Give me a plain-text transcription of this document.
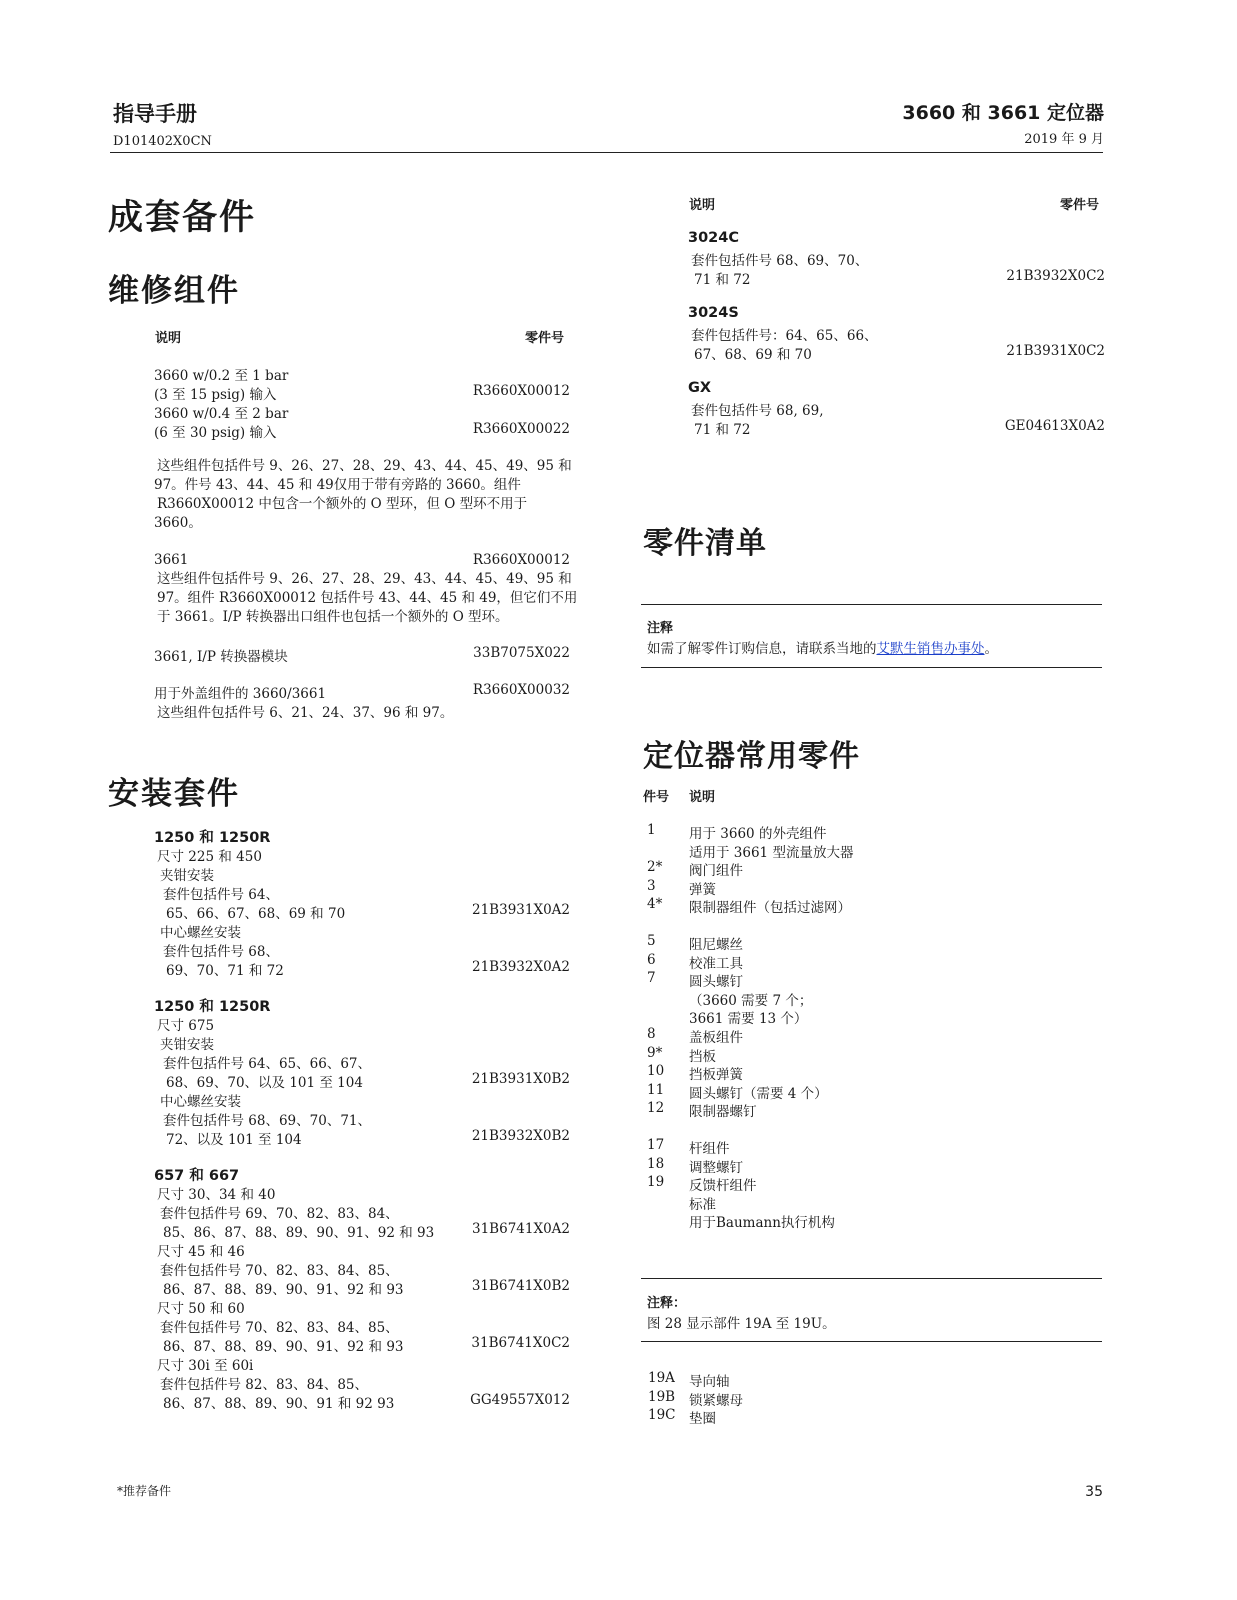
指导手册
D101402X0CN
3660 和 3661 定位器
2019 年 9 月
成套备件
维修组件
说明	零件号
3660 w/0.2 至 1 bar
(3 至 15 psig) 输入	R3660X00012
3660 w/0.4 至 2 bar
(6 至 30 psig) 输入	R3660X00022
这些组件包括件号 9、26、27、28、29、43、44、45、49、95 和
97。件号 43、44、45 和 49仅用于带有旁路的 3660。组件
R3660X00012 中包含一个额外的 O 型环，但 O 型环不用于
3660。
3661	R3660X00012
这些组件包括件号 9、26、27、28、29、43、44、45、49、95 和
97。组件 R3660X00012 包括件号 43、44、45 和 49，但它们不用
于 3661。I/P 转换器出口组件也包括一个额外的 O 型环。
3661, I/P 转换器模块	33B7075X022
用于外盖组件的 3660/3661	R3660X00032
这些组件包括件号 6、21、24、37、96 和 97。
安装套件
1250 和 1250R
尺寸 225 和 450
夹钳安装
套件包括件号 64、
65、66、67、68、69 和 70	21B3931X0A2
中心螺丝安装
套件包括件号 68、
69、70、71 和 72	21B3932X0A2
1250 和 1250R
尺寸 675
夹钳安装
套件包括件号 64、65、66、67、
68、69、70、以及 101 至 104	21B3931X0B2
中心螺丝安装
套件包括件号 68、69、70、71、
72、以及 101 至 104	21B3932X0B2
657 和 667
尺寸 30、34 和 40
套件包括件号 69、70、82、83、84、
85、86、87、88、89、90、91、92 和 93	31B6741X0A2
尺寸 45 和 46
套件包括件号 70、82、83、84、85、
86、87、88、89、90、91、92 和 93	31B6741X0B2
尺寸 50 和 60
套件包括件号 70、82、83、84、85、
86、87、88、89、90、91、92 和 93	31B6741X0C2
尺寸 30i 至 60i
套件包括件号 82、83、84、85、
86、87、88、89、90、91 和 92 93	GG49557X012
说明	零件号
3024C
套件包括件号 68、69、70、
71 和 72	21B3932X0C2
3024S
套件包括件号：64、65、66、
67、68、69 和 70	21B3931X0C2
GX
套件包括件号 68, 69,
71 和 72	GE04613X0A2
零件清单
注释
如需了解零件订购信息，请联系当地的艾默生销售办事处。
定位器常用零件
件号 说明
1 用于 3660 的外壳组件
适用于 3661 型流量放大器
2* 阀门组件
3 弹簧
4* 限制器组件（包括过滤网）
5 阻尼螺丝
6 校准工具
7 圆头螺钉
（3660 需要 7 个；
3661 需要 13 个）
8 盖板组件
9* 挡板
10 挡板弹簧
11 圆头螺钉（需要 4 个）
12 限制器螺钉
17 杆组件
18 调整螺钉
19 反馈杆组件
标准
用于Baumann执行机构
注释：
图 28 显示部件 19A 至 19U。
19A 导向轴
19B 锁紧螺母
19C 垫圈
*推荐备件	35
